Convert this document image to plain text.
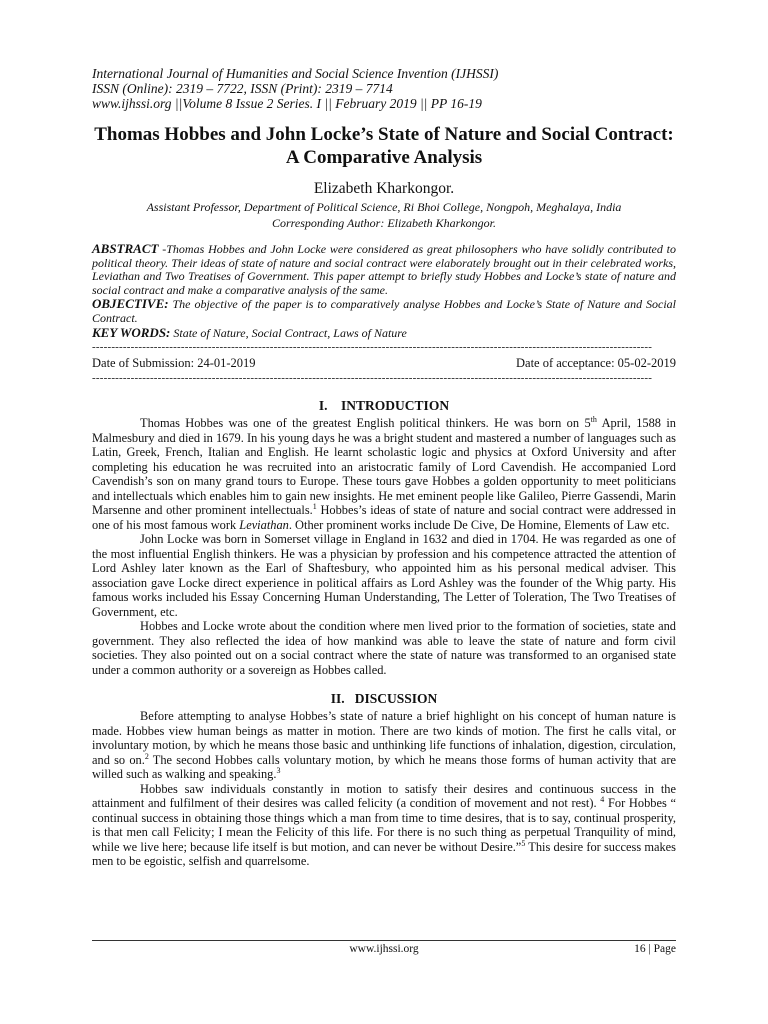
International Journal of Humanities and Social Science Invention (IJHSSI)
ISSN (Online): 2319 – 7722, ISSN (Print): 2319 – 7714
www.ijhssi.org ||Volume 8 Issue 2 Series. I || February 2019 || PP 16-19
Thomas Hobbes and John Locke’s State of Nature and Social Contract: A Comparative Analysis
Elizabeth Kharkongor.
Assistant Professor, Department of Political Science, Ri Bhoi College, Nongpoh, Meghalaya, India
Corresponding Author: Elizabeth Kharkongor.
ABSTRACT -Thomas Hobbes and John Locke were considered as great philosophers who have solidly contributed to political theory. Their ideas of state of nature and social contract were elaborately brought out in their celebrated works, Leviathan and Two Treatises of Government. This paper attempt to briefly study Hobbes and Locke’s state of nature and social contract and make a comparative analysis of the same.
OBJECTIVE: The objective of the paper is to comparatively analyse Hobbes and Locke’s State of Nature and Social Contract.
KEY WORDS: State of Nature, Social Contract, Laws of Nature
-------------------------------------------------------------------------------------------------------------------------------------------------
Date of Submission: 24-01-2019	Date of acceptance: 05-02-2019
-------------------------------------------------------------------------------------------------------------------------------------------------
I.    INTRODUCTION

Thomas Hobbes was one of the greatest English political thinkers. He was born on 5th April, 1588 in Malmesbury and died in 1679. In his young days he was a bright student and mastered a number of languages such as Latin, Greek, French, Italian and English. He learnt scholastic logic and physics at Oxford University and after completing his education he was recruited into an aristocratic family of Lord Cavendish. He accompanied Lord Cavendish’s son on many grand tours to Europe. These tours gave Hobbes a golden opportunity to meet politicians and intellectuals which enables him to gain new insights. He met eminent people like Galileo, Pierre Gassendi, Marin Marsenne and other prominent intellectuals.$^1$ Hobbes’s ideas of state of nature and social contract were addressed in one of his most famous work Leviathan. Other prominent works include De Cive, De Homine, Elements of Law etc.

John Locke was born in Somerset village in England in 1632 and died in 1704. He was regarded as one of the most influential English thinkers. He was a physician by profession and his competence attracted the attention of Lord Ashley later known as the Earl of Shaftesbury, who appointed him as his personal medical adviser. This association gave Locke direct experience in political affairs as Lord Ashley was the founder of the Whig party. His famous works included his Essay Concerning Human Understanding, The Letter of Toleration, The Two Treatises of Government, etc.

Hobbes and Locke wrote about the condition where men lived prior to the formation of societies, state and government. They also reflected the idea of how mankind was able to leave the state of nature and form civil societies. They also pointed out on a social contract where the state of nature was transformed to an organised state under a common authority or a sovereign as Hobbes called.

II.   DISCUSSION

Before attempting to analyse Hobbes’s state of nature a brief highlight on his concept of human nature is made. Hobbes view human beings as matter in motion. There are two kinds of motion. The first he calls vital, or involuntary motion, by which he means those basic and unthinking life functions of inhalation, digestion, circulation, and so on.$^2$ The second Hobbes calls voluntary motion, by which he means those forms of human activity that are willed such as walking and speaking.$^3$

Hobbes saw individuals constantly in motion to satisfy their desires and continuous success in the attainment and fulfilment of their desires was called felicity (a condition of movement and not rest). $^4$ For Hobbes “ continual success in obtaining those things which a man from time to time desires, that is to say, continual prosperity, is that men call Felicity; I mean the Felicity of this life. For there is no such thing as perpetual Tranquility of mind, while we live here; because life itself is but motion, and can never be without Desire.”$^5$ This desire for success makes men to be egoistic, selfish and quarrelsome.

www.ijhssi.org	16 | Page
